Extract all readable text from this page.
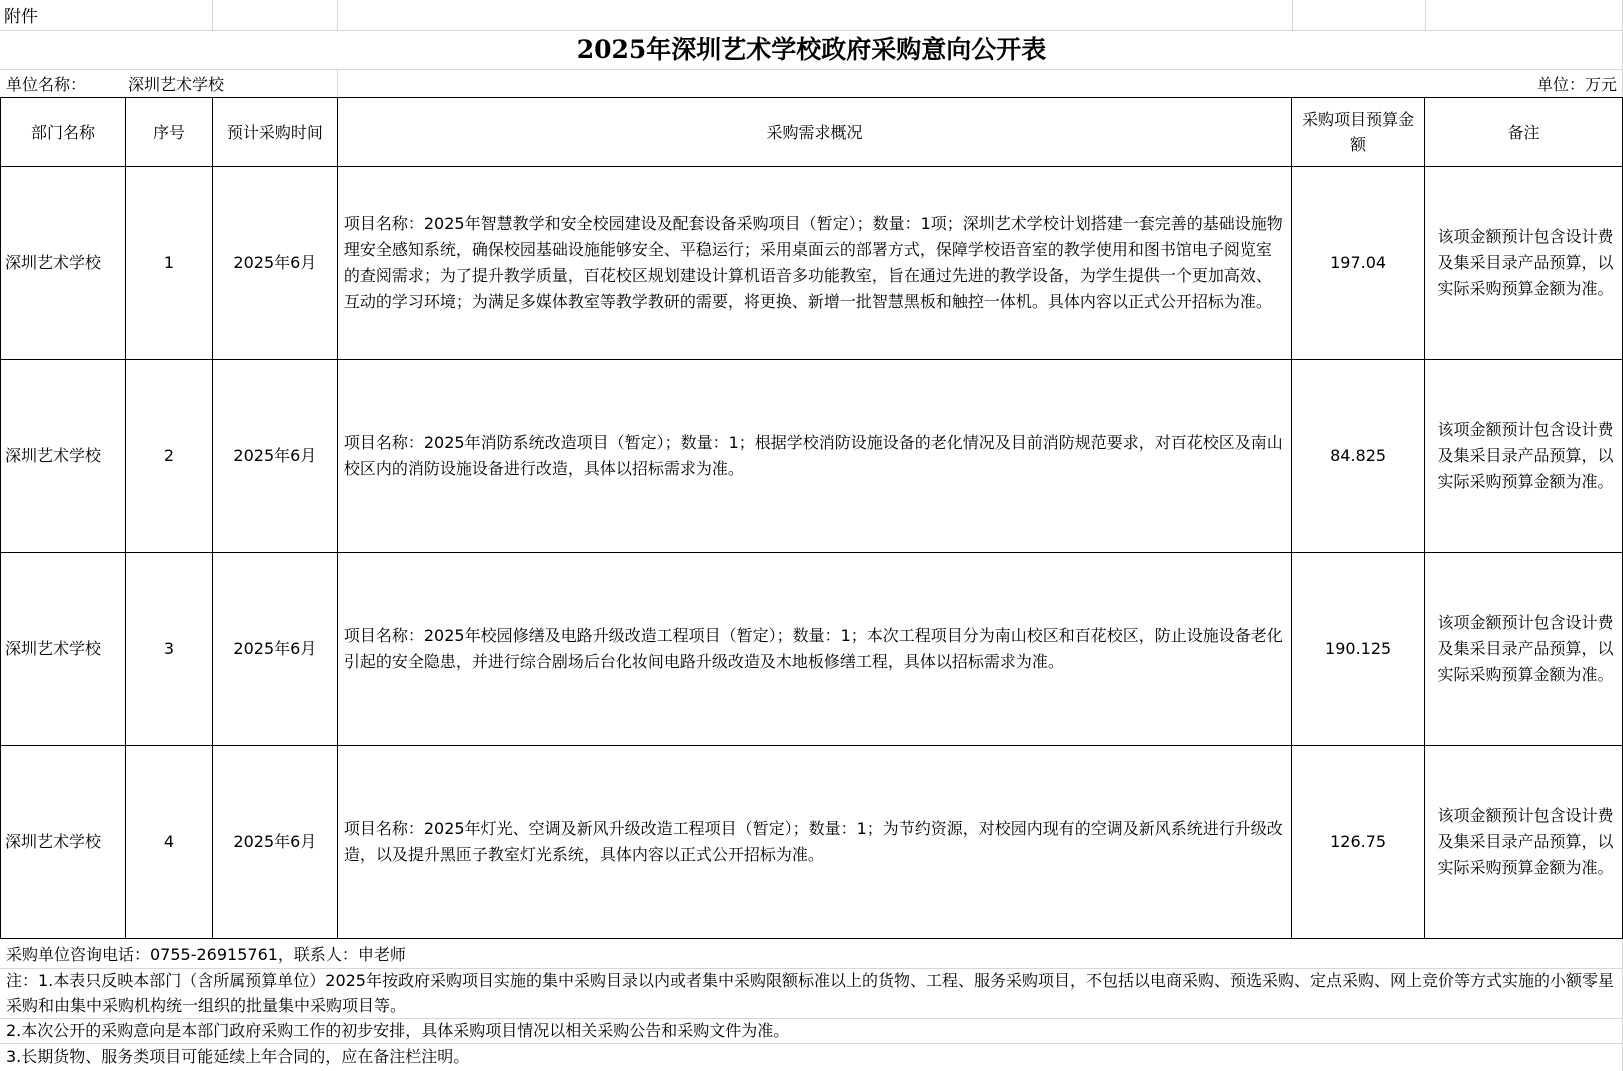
附件
2025年深圳艺术学校政府采购意向公开表
单位名称：	深圳艺术学校	单位：万元
部门名称	序号	预计采购时间	采购需求概况	采购项目预算金额	备注

深圳艺术学校	1	2025年6月	项目名称：2025年智慧教学和安全校园建设及配套设备采购项目（暂定）；数量：1项；深圳艺术学校计划搭建一套完善的基础设施物理安全感知系统，确保校园基础设施能够安全、平稳运行；采用桌面云的部署方式，保障学校语音室的教学使用和图书馆电子阅览室的查阅需求；为了提升教学质量，百花校区规划建设计算机语音多功能教室，旨在通过先进的教学设备，为学生提供一个更加高效、互动的学习环境；为满足多媒体教室等教学教研的需要，将更换、新增一批智慧黑板和触控一体机。具体内容以正式公开招标为准。	197.04	该项金额预计包含设计费及集采目录产品预算，以实际采购预算金额为准。

深圳艺术学校	2	2025年6月	项目名称：2025年消防系统改造项目（暂定）；数量：1；根据学校消防设施设备的老化情况及目前消防规范要求，对百花校区及南山校区内的消防设施设备进行改造，具体以招标需求为准。	84.825	该项金额预计包含设计费及集采目录产品预算，以实际采购预算金额为准。

深圳艺术学校	3	2025年6月	项目名称：2025年校园修缮及电路升级改造工程项目（暂定）；数量：1；本次工程项目分为南山校区和百花校区，防止设施设备老化引起的安全隐患，并进行综合剧场后台化妆间电路升级改造及木地板修缮工程，具体以招标需求为准。	190.125	该项金额预计包含设计费及集采目录产品预算，以实际采购预算金额为准。

深圳艺术学校	4	2025年6月	项目名称：2025年灯光、空调及新风升级改造工程项目（暂定）；数量：1；为节约资源，对校园内现有的空调及新风系统进行升级改造，以及提升黑匝子教室灯光系统，具体内容以正式公开招标为准。	126.75	该项金额预计包含设计费及集采目录产品预算，以实际采购预算金额为准。
采购单位咨询电话：0755-26915761，联系人：申老师
注：1.本表只反映本部门（含所属预算单位）2025年按政府采购项目实施的集中采购目录以内或者集中采购限额标准以上的货物、工程、服务采购项目，不包括以电商采购、预选采购、定点采购、网上竞价等方式实施的小额零星采购和由集中采购机构统一组织的批量集中采购项目等。
2.本次公开的采购意向是本部门政府采购工作的初步安排，具体采购项目情况以相关采购公告和采购文件为准。
3.长期货物、服务类项目可能延续上年合同的，应在备注栏注明。
